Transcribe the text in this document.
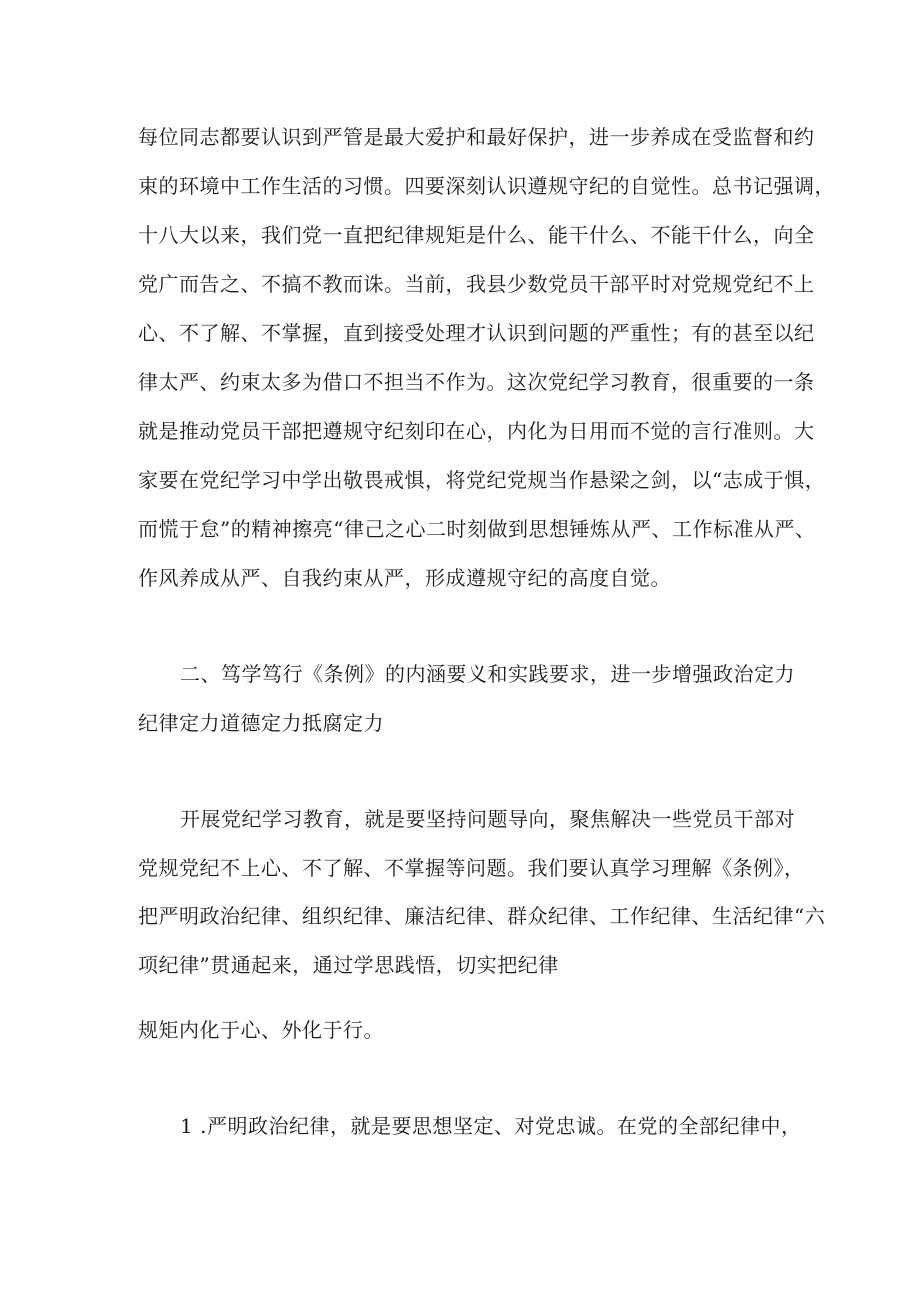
每位同志都要认识到严管是最大爱护和最好保护，进一步养成在受监督和约
束的环境中工作生活的习惯。四要深刻认识遵规守纪的自觉性。总书记强调，
十八大以来，我们党一直把纪律规矩是什么、能干什么、不能干什么，向全
党广而告之、不搞不教而诛。当前，我县少数党员干部平时对党规党纪不上
心、不了解、不掌握，直到接受处理才认识到问题的严重性；有的甚至以纪
律太严、约束太多为借口不担当不作为。这次党纪学习教育，很重要的一条
就是推动党员干部把遵规守纪刻印在心，内化为日用而不觉的言行准则。大
家要在党纪学习中学出敬畏戒惧，将党纪党规当作悬梁之剑，以“志成于惧，
而慌于怠”的精神擦亮“律己之心二时刻做到思想锤炼从严、工作标准从严、
作风养成从严、自我约束从严，形成遵规守纪的高度自觉。
二、笃学笃行《条例》的内涵要义和实践要求，进一步增强政治定力
纪律定力道德定力抵腐定力
开展党纪学习教育，就是要坚持问题导向，聚焦解决一些党员干部对
党规党纪不上心、不了解、不掌握等问题。我们要认真学习理解《条例》，
把严明政治纪律、组织纪律、廉洁纪律、群众纪律、工作纪律、生活纪律“六
项纪律”贯通起来，通过学思践悟，切实把纪律
规矩内化于心、外化于行。
1 .严明政治纪律，就是要思想坚定、对党忠诚。在党的全部纪律中，
